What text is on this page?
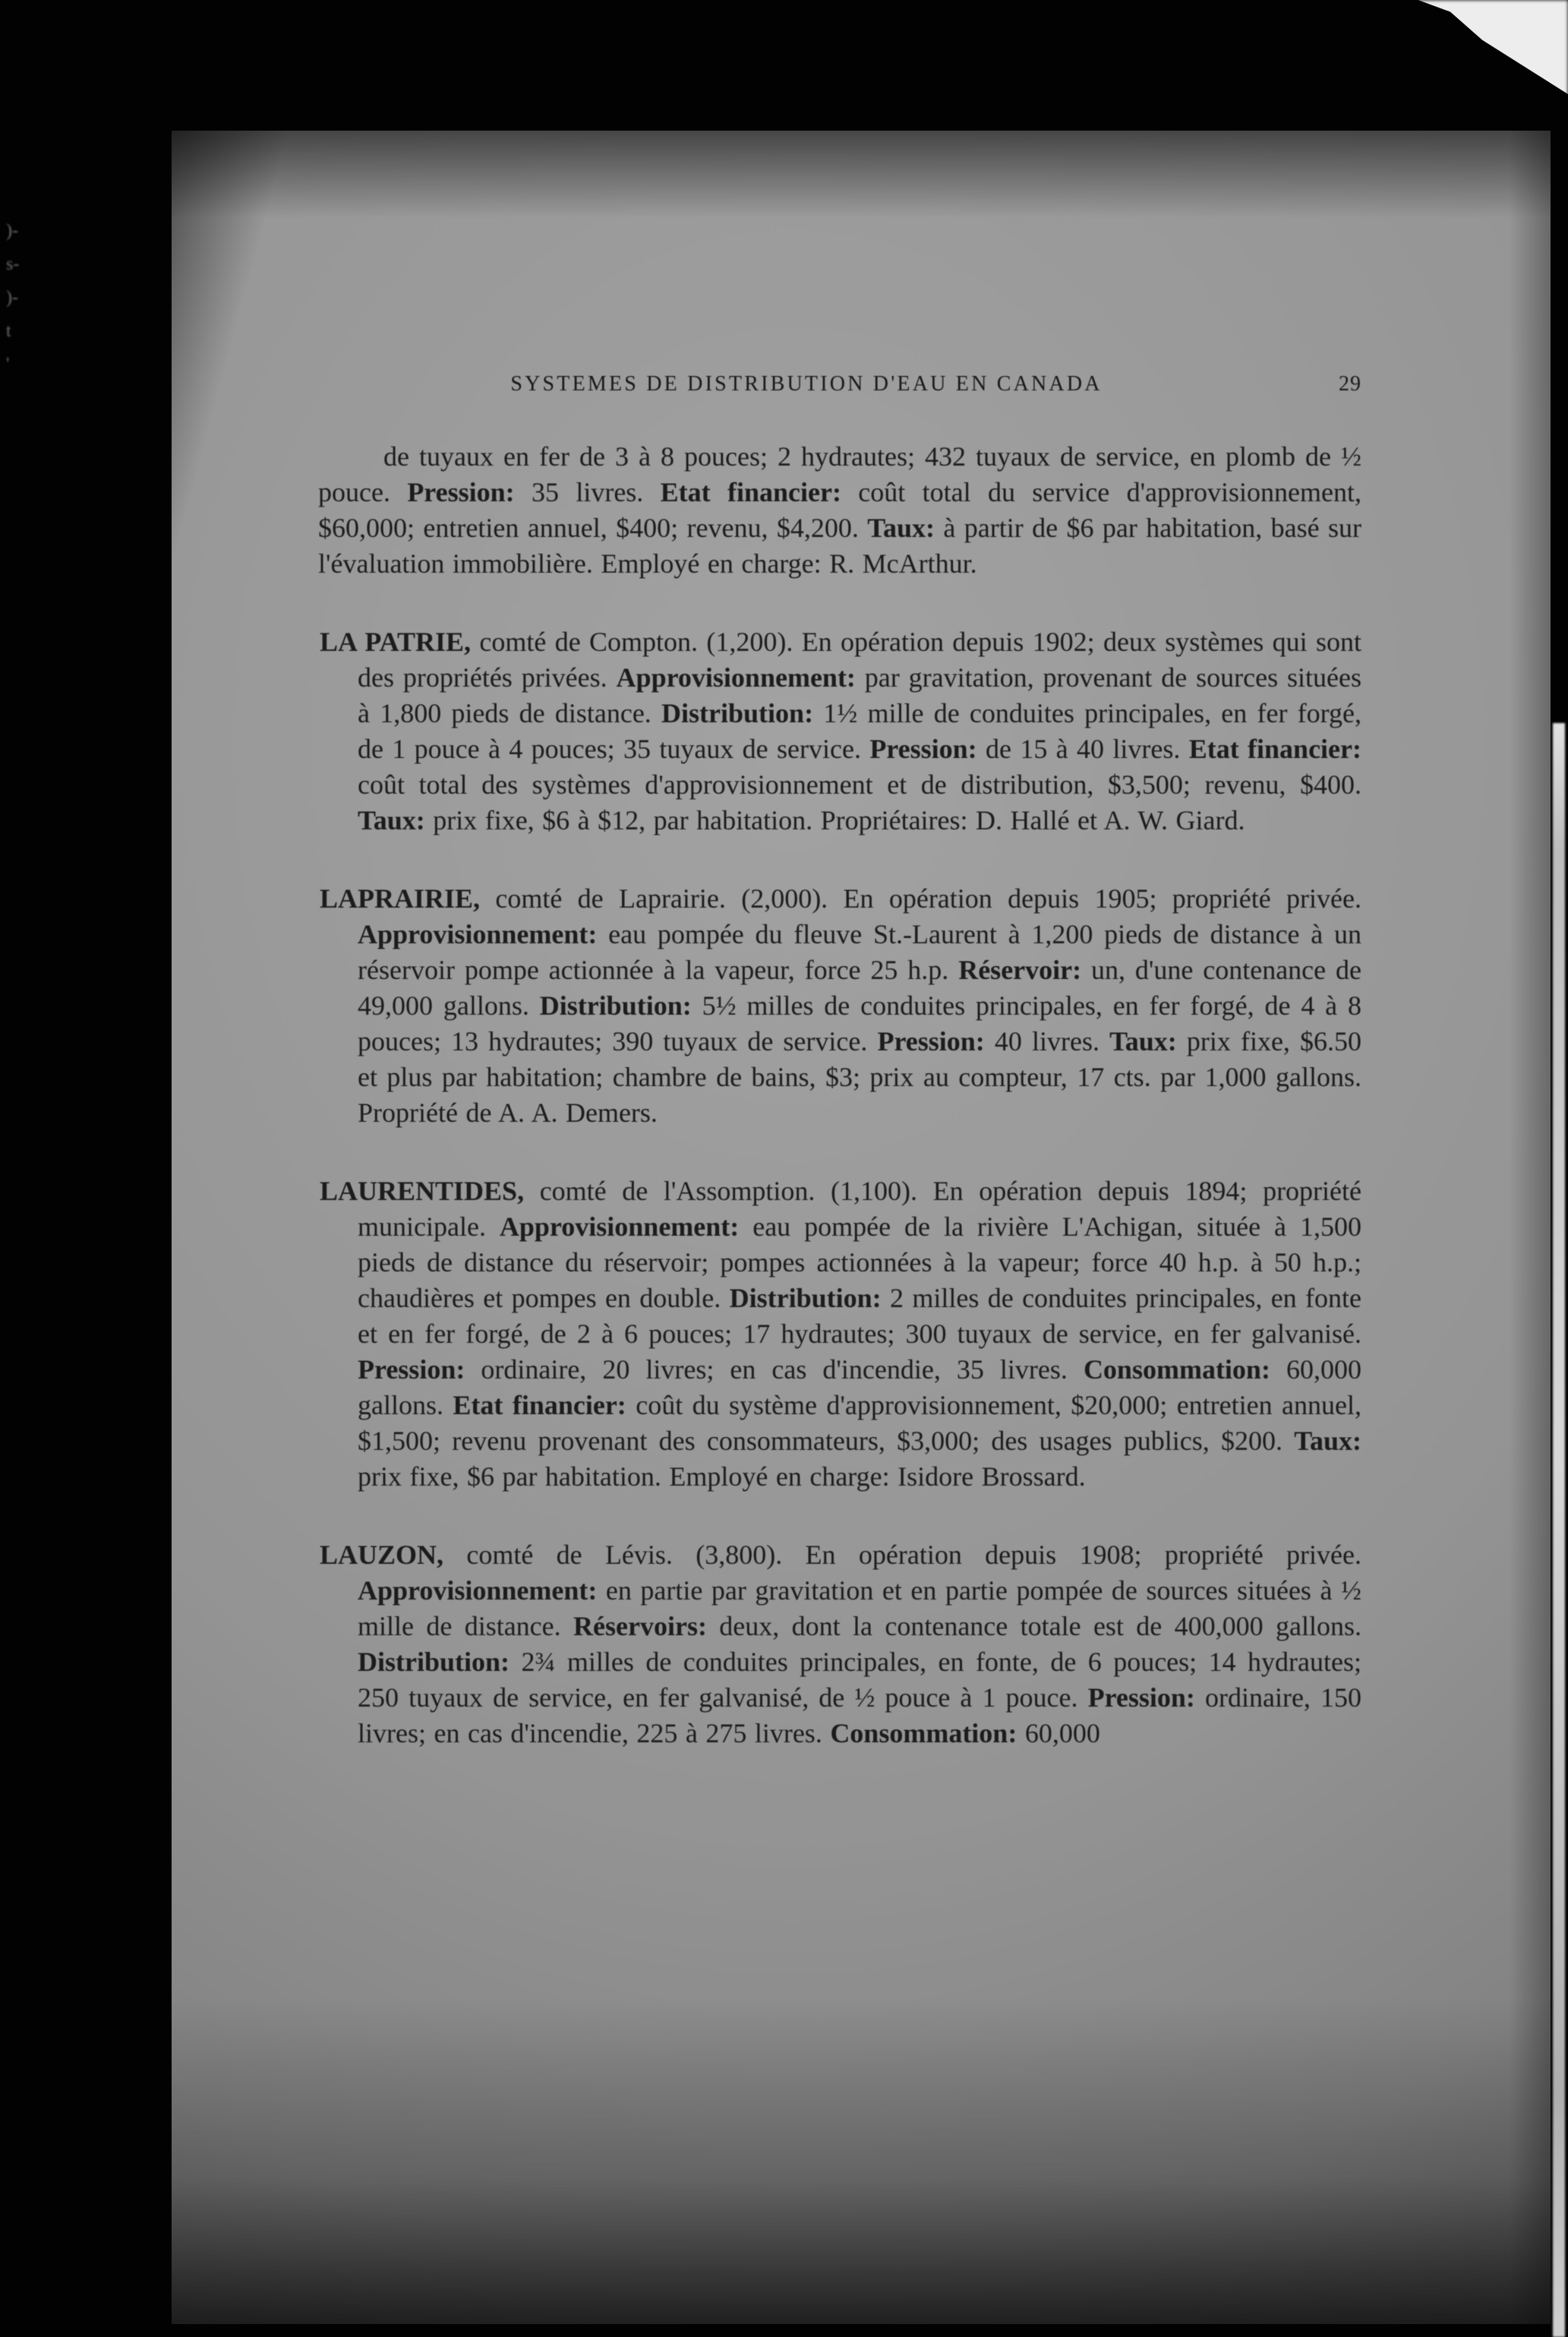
)-
s-
)-
t
'
SYSTEMES DE DISTRIBUTION D'EAU EN CANADA	29

de tuyaux en fer de 3 à 8 pouces; 2 hydrautes; 432 tuyaux de service, en plomb de ½ pouce. Pression: 35 livres. Etat financier: coût total du service d'approvisionnement, $60,000; entretien annuel, $400; revenu, $4,200. Taux: à partir de $6 par habitation, basé sur l'évaluation immobilière. Employé en charge: R. McArthur.

LA PATRIE, comté de Compton. (1,200). En opération depuis 1902; deux systèmes qui sont des propriétés privées. Approvisionnement: par gravitation, provenant de sources situées à 1,800 pieds de distance. Distribution: 1½ mille de conduites principales, en fer forgé, de 1 pouce à 4 pouces; 35 tuyaux de service. Pression: de 15 à 40 livres. Etat financier: coût total des systèmes d'approvisionnement et de distribution, $3,500; revenu, $400. Taux: prix fixe, $6 à $12, par habitation. Propriétaires: D. Hallé et A. W. Giard.

LAPRAIRIE, comté de Laprairie. (2,000). En opération depuis 1905; propriété privée. Approvisionnement: eau pompée du fleuve St.-Laurent à 1,200 pieds de distance à un réservoir pompe actionnée à la vapeur, force 25 h.p. Réservoir: un, d'une contenance de 49,000 gallons. Distribution: 5½ milles de conduites principales, en fer forgé, de 4 à 8 pouces; 13 hydrautes; 390 tuyaux de service. Pression: 40 livres. Taux: prix fixe, $6.50 et plus par habitation; chambre de bains, $3; prix au compteur, 17 cts. par 1,000 gallons. Propriété de A. A. Demers.

LAURENTIDES, comté de l'Assomption. (1,100). En opération depuis 1894; propriété municipale. Approvisionnement: eau pompée de la rivière L'Achigan, située à 1,500 pieds de distance du réservoir; pompes actionnées à la vapeur; force 40 h.p. à 50 h.p.; chaudières et pompes en double. Distribution: 2 milles de conduites principales, en fonte et en fer forgé, de 2 à 6 pouces; 17 hydrautes; 300 tuyaux de service, en fer galvanisé. Pression: ordinaire, 20 livres; en cas d'incendie, 35 livres. Consommation: 60,000 gallons. Etat financier: coût du système d'approvisionnement, $20,000; entretien annuel, $1,500; revenu provenant des consommateurs, $3,000; des usages publics, $200. Taux: prix fixe, $6 par habitation. Employé en charge: Isidore Brossard.

LAUZON, comté de Lévis. (3,800). En opération depuis 1908; propriété privée. Approvisionnement: en partie par gravitation et en partie pompée de sources situées à ½ mille de distance. Réservoirs: deux, dont la contenance totale est de 400,000 gallons. Distribution: 2¾ milles de conduites principales, en fonte, de 6 pouces; 14 hydrautes; 250 tuyaux de service, en fer galvanisé, de ½ pouce à 1 pouce. Pression: ordinaire, 150 livres; en cas d'incendie, 225 à 275 livres. Consommation: 60,000
